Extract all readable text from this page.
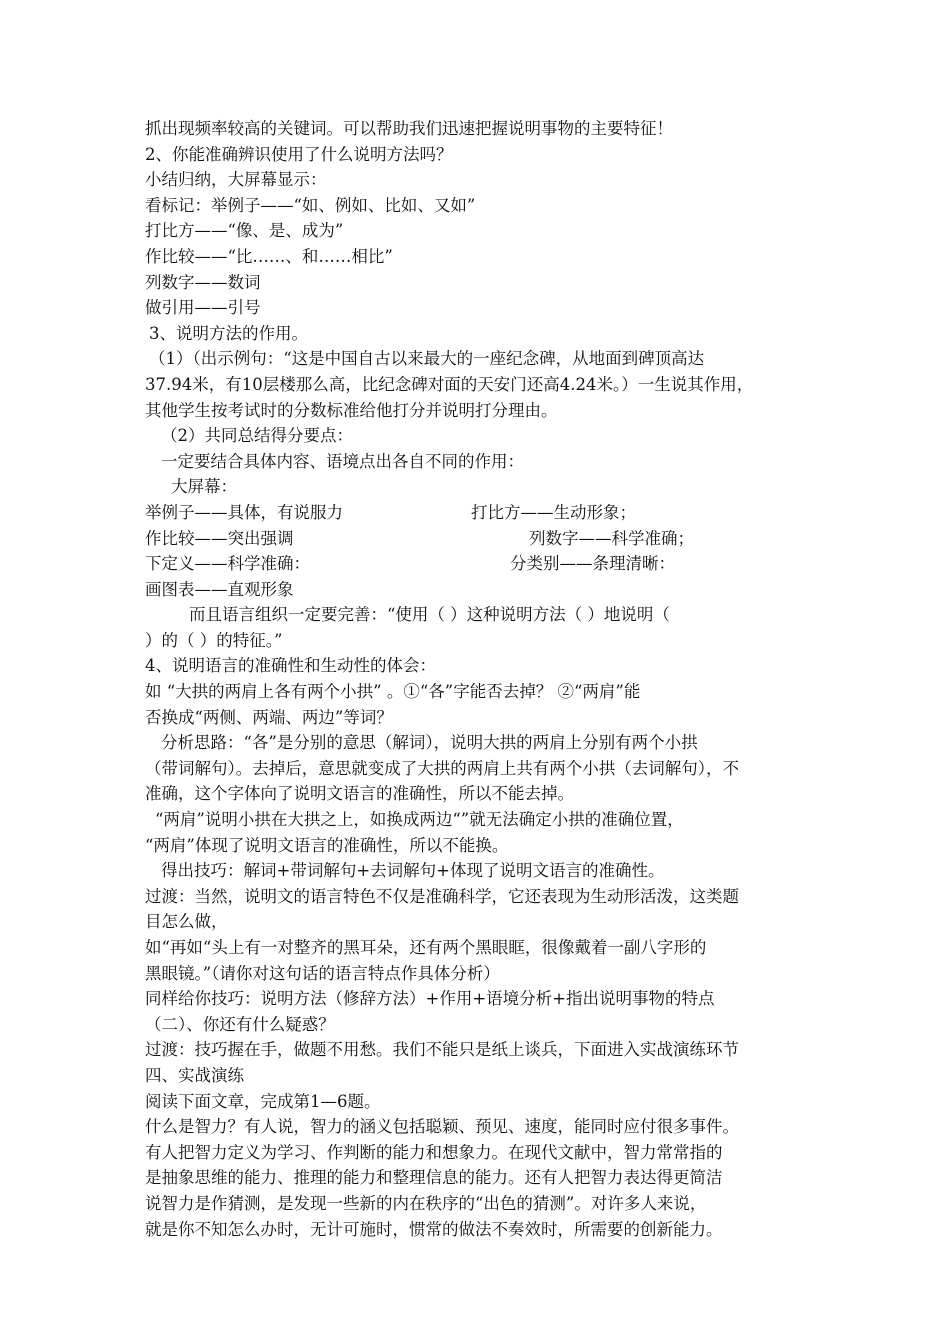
抓出现频率较高的关键词。可以帮助我们迅速把握说明事物的主要特征！
2、你能准确辨识使用了什么说明方法吗？
小结归纳，大屏幕显示：
看标记：举例子——“如、例如、比如、又如”
打比方——“像、是、成为”
作比较——“比……、和……相比”
列数字——数词
做引用——引号
3、说明方法的作用。
（1）（出示例句：“这是中国自古以来最大的一座纪念碑，从地面到碑顶高达
37.94米，有10层楼那么高，比纪念碑对面的天安门还高4.24米。）一生说其作用，
其他学生按考试时的分数标准给他打分并说明打分理由。
（2）共同总结得分要点：
一定要结合具体内容、语境点出各自不同的作用：
大屏幕：
举例子——具体，有说服力	打比方——生动形象；
作比较——突出强调	列数字——科学准确；
下定义——科学准确：	分类别——条理清晰：
画图表——直观形象
而且语言组织一定要完善：“使用（ ）这种说明方法（ ）地说明（
）的（ ）的特征。”
4、说明语言的准确性和生动性的体会：
如 “大拱的两肩上各有两个小拱” 。①“各”字能否去掉？ ②“两肩”能
否换成“两侧、两端、两边”等词？
分析思路：“各”是分别的意思（解词），说明大拱的两肩上分别有两个小拱
（带词解句）。去掉后，意思就变成了大拱的两肩上共有两个小拱（去词解句），不
准确，这个字体向了说明文语言的准确性，所以不能去掉。
“两肩”说明小拱在大拱之上，如换成两边“”就无法确定小拱的准确位置，
“两肩”体现了说明文语言的准确性，所以不能换。
得出技巧：解词+带词解句+去词解句+体现了说明文语言的准确性。
过渡：当然，说明文的语言特色不仅是准确科学，它还表现为生动形活泼，这类题
目怎么做，
如“再如“头上有一对整齐的黑耳朵，还有两个黑眼眶，很像戴着一副八字形的
黑眼镜。”（请你对这句话的语言特点作具体分析）
同样给你技巧：说明方法（修辞方法）+作用+语境分析+指出说明事物的特点
（二）、你还有什么疑惑？
过渡：技巧握在手，做题不用愁。我们不能只是纸上谈兵，下面进入实战演练环节
四、实战演练
阅读下面文章，完成第1—6题。
什么是智力？有人说，智力的涵义包括聪颖、预见、速度，能同时应付很多事件。
有人把智力定义为学习、作判断的能力和想象力。在现代文献中，智力常常指的
是抽象思维的能力、推理的能力和整理信息的能力。还有人把智力表达得更简洁
说智力是作猜测，是发现一些新的内在秩序的“出色的猜测”。对许多人来说，
就是你不知怎么办时，无计可施时，惯常的做法不奏效时，所需要的创新能力。
